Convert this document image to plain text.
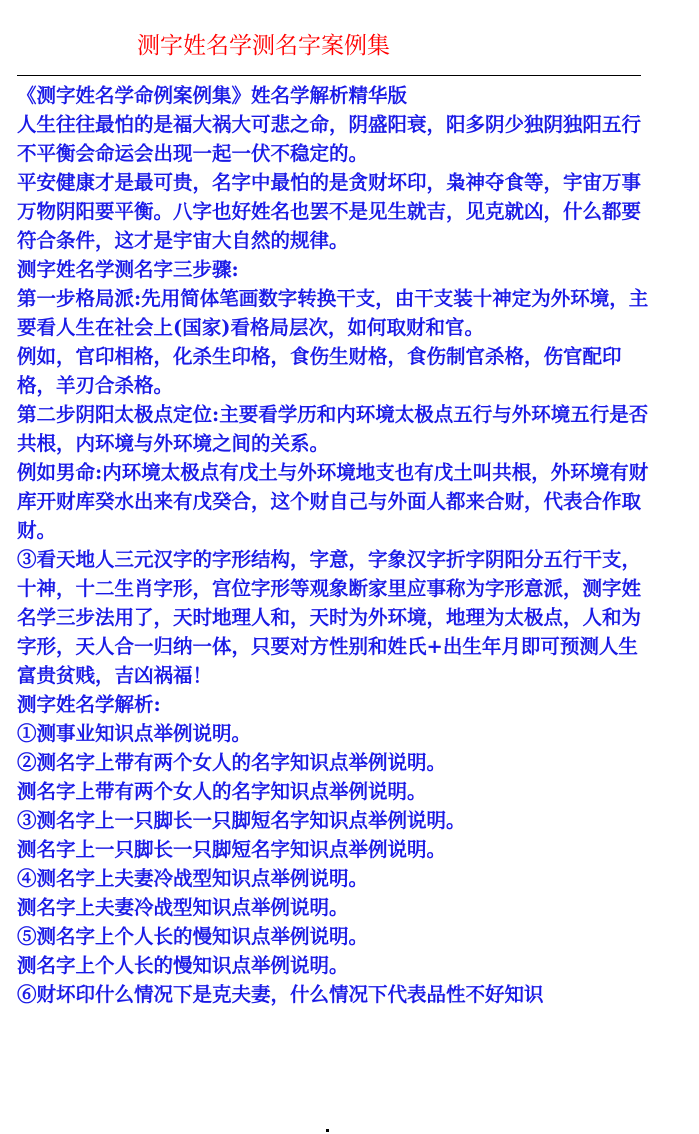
测字姓名学测名字案例集

《测字姓名学命例案例集》姓名学解析精华版

人生往往最怕的是福大祸大可悲之命，阴盛阳衰，阳多阴少独阴独阳五行不平衡会命运会出现一起一伏不稳定的。

平安健康才是最可贵，名字中最怕的是贪财坏印，枭神夺食等，宇宙万事万物阴阳要平衡。八字也好姓名也罢不是见生就吉，见克就凶，什么都要符合条件，这才是宇宙大自然的规律。

测字姓名学测名字三步骤:

第一步格局派:先用简体笔画数字转换干支，由干支装十神定为外环境，主要看人生在社会上(国家)看格局层次，如何取财和官。

例如，官印相格，化杀生印格，食伤生财格，食伤制官杀格，伤官配印格，羊刃合杀格。

第二步阴阳太极点定位:主要看学历和内环境太极点五行与外环境五行是否共根，内环境与外环境之间的关系。

例如男命:内环境太极点有戊土与外环境地支也有戊土叫共根，外环境有财库开财库癸水出来有戊癸合，这个财自己与外面人都来合财，代表合作取财。

③看天地人三元汉字的字形结构，字意，字象汉字折字阴阳分五行干支，十神，十二生肖字形，宫位字形等观象断家里应事称为字形意派，测字姓名学三步法用了，天时地理人和，天时为外环境，地理为太极点，人和为字形，天人合一归纳一体，只要对方性别和姓氏+出生年月即可预测人生富贵贫贱，吉凶祸福！

测字姓名学解析:

①测事业知识点举例说明。

②测名字上带有两个女人的名字知识点举例说明。

测名字上带有两个女人的名字知识点举例说明。

③测名字上一只脚长一只脚短名字知识点举例说明。

测名字上一只脚长一只脚短名字知识点举例说明。

④测名字上夫妻冷战型知识点举例说明。

测名字上夫妻冷战型知识点举例说明。

⑤测名字上个人长的慢知识点举例说明。

测名字上个人长的慢知识点举例说明。

⑥财坏印什么情况下是克夫妻，什么情况下代表品性不好知识
